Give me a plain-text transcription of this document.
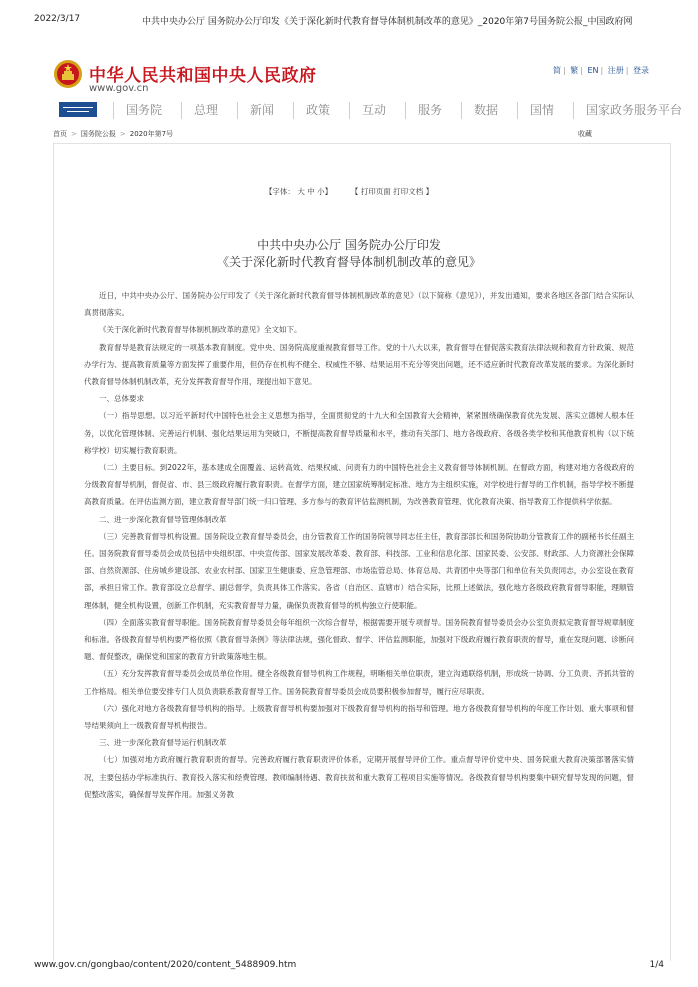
2022/3/17	中共中央办公厅 国务院办公厅印发《关于深化新时代教育督导体制机制改革的意见》_2020年第7号国务院公报_中国政府网
中华人民共和国中央人民政府
www.gov.cn
简 | 繁 | EN | 注册 | 登录
国务院	总理	新闻	政策	互动	服务	数据	国情	国家政务服务平台
首页 > 国务院公报 > 2020年第7号	收藏
【字体： 大 中 小】	【 打印页面 打印文档 】
中共中央办公厅 国务院办公厅印发
《关于深化新时代教育督导体制机制改革的意见》

近日，中共中央办公厅、国务院办公厅印发了《关于深化新时代教育督导体制机制改革的意见》（以下简称《意见》），并发出通知，要求各地区各部门结合实际认真贯彻落实。

《关于深化新时代教育督导体制机制改革的意见》全文如下。

教育督导是教育法规定的一项基本教育制度。党中央、国务院高度重视教育督导工作。党的十八大以来，教育督导在督促落实教育法律法规和教育方针政策、规范办学行为、提高教育质量等方面发挥了重要作用，但仍存在机构不健全、权威性不够、结果运用不充分等突出问题，还不适应新时代教育改革发展的要求。为深化新时代教育督导体制机制改革，充分发挥教育督导作用，现提出如下意见。

一、总体要求

（一）指导思想。以习近平新时代中国特色社会主义思想为指导，全面贯彻党的十九大和全国教育大会精神，紧紧围绕确保教育优先发展、落实立德树人根本任务，以优化管理体制、完善运行机制、强化结果运用为突破口，不断提高教育督导质量和水平，推动有关部门、地方各级政府、各级各类学校和其他教育机构（以下统称学校）切实履行教育职责。

（二）主要目标。到2022年，基本建成全面覆盖、运转高效、结果权威、问责有力的中国特色社会主义教育督导体制机制。在督政方面，构建对地方各级政府的分级教育督导机制，督促省、市、县三级政府履行教育职责。在督学方面，建立国家统筹制定标准、地方为主组织实施，对学校进行督导的工作机制，指导学校不断提高教育质量。在评估监测方面，建立教育督导部门统一归口管理、多方参与的教育评估监测机制，为改善教育管理、优化教育决策、指导教育工作提供科学依据。

二、进一步深化教育督导管理体制改革

（三）完善教育督导机构设置。国务院设立教育督导委员会，由分管教育工作的国务院领导同志任主任，教育部部长和国务院协助分管教育工作的副秘书长任副主任。国务院教育督导委员会成员包括中央组织部、中央宣传部、国家发展改革委、教育部、科技部、工业和信息化部、国家民委、公安部、财政部、人力资源社会保障部、自然资源部、住房城乡建设部、农业农村部、国家卫生健康委、应急管理部、市场监管总局、体育总局、共青团中央等部门和单位有关负责同志，办公室设在教育部，承担日常工作。教育部设立总督学、副总督学，负责具体工作落实。各省（自治区、直辖市）结合实际，比照上述做法，强化地方各级政府教育督导职能，理顺管理体制，健全机构设置，创新工作机制，充实教育督导力量，确保负责教育督导的机构独立行使职能。

（四）全面落实教育督导职能。国务院教育督导委员会每年组织一次综合督导，根据需要开展专项督导。国务院教育督导委员会办公室负责拟定教育督导规章制度和标准。各级教育督导机构要严格依照《教育督导条例》等法律法规，强化督政、督学、评估监测职能，加强对下级政府履行教育职责的督导，重在发现问题、诊断问题、督促整改，确保党和国家的教育方针政策落地生根。

（五）充分发挥教育督导委员会成员单位作用。健全各级教育督导机构工作规程，明晰相关单位职责，建立沟通联络机制，形成统一协调、分工负责、齐抓共管的工作格局。相关单位要安排专门人员负责联系教育督导工作。国务院教育督导委员会成员要积极参加督导，履行应尽职责。

（六）强化对地方各级教育督导机构的指导。上级教育督导机构要加强对下级教育督导机构的指导和管理。地方各级教育督导机构的年度工作计划、重大事项和督导结果须向上一级教育督导机构报告。

三、进一步深化教育督导运行机制改革

（七）加强对地方政府履行教育职责的督导。完善政府履行教育职责评价体系，定期开展督导评价工作。重点督导评价党中央、国务院重大教育决策部署落实情况，主要包括办学标准执行、教育投入落实和经费管理、教师编制待遇、教育扶贫和重大教育工程项目实施等情况。各级教育督导机构要集中研究督导发现的问题，督促整改落实，确保督导发挥作用。加强义务教

www.gov.cn/gongbao/content/2020/content_5488909.htm	1/4
